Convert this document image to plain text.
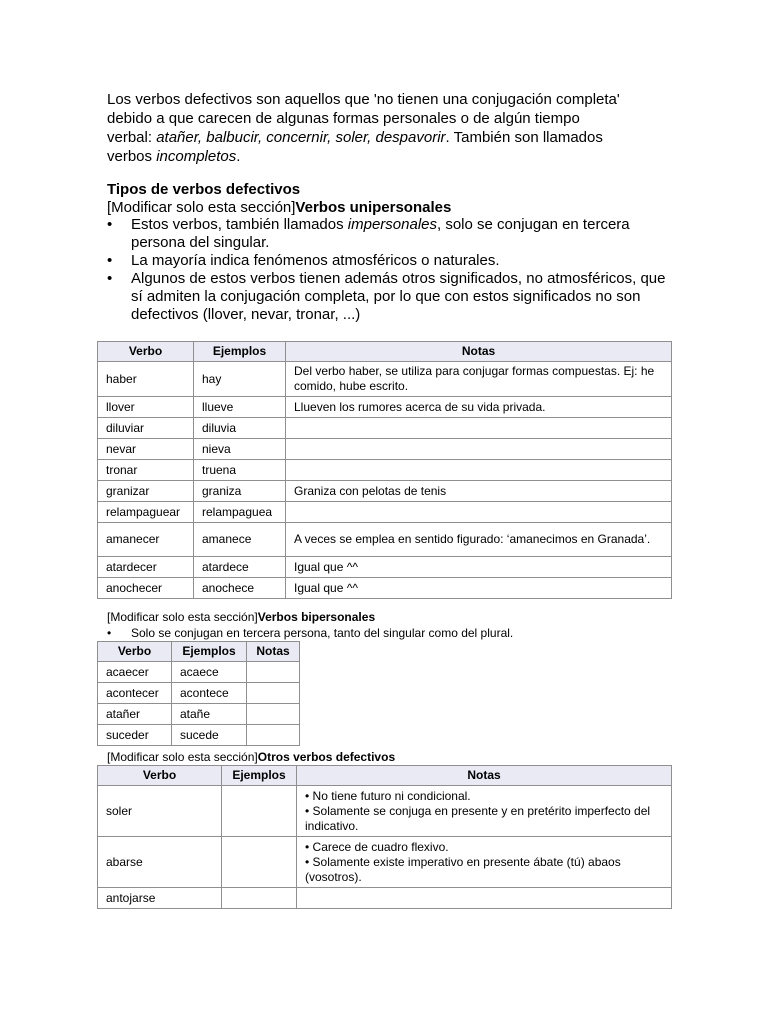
Los verbos defectivos son aquellos que 'no tienen una conjugación completa'

debido a que carecen de algunas formas personales o de algún tiempo

verbal: atañer, balbucir, concernir, soler, despavorir. También son llamados

verbos incompletos.

Tipos de verbos defectivos
[Modificar solo esta sección]Verbos unipersonales
• Estos verbos, también llamados impersonales, solo se conjugan en tercera persona del singular.
• La mayoría indica fenómenos atmosféricos o naturales.
• Algunos de estos verbos tienen además otros significados, no atmosféricos, que sí admiten la conjugación completa, por lo que con estos significados no son defectivos (llover, nevar, tronar, ...)
Verbo	Ejemplos	Notas
haber	hay	Del verbo haber, se utiliza para conjugar formas compuestas. Ej: he comido, hube escrito.
llover	llueve	Llueven los rumores acerca de su vida privada.
diluviar	diluvia	
nevar	nieva	
tronar	truena	
granizar	graniza	Graniza con pelotas de tenis
relampaguear	relampaguea	
amanecer	amanece	A veces se emplea en sentido figurado: ‘amanecimos en Granada’.
atardecer	atardece	Igual que ^^
anochecer	anochece	Igual que ^^
[Modificar solo esta sección]Verbos bipersonales
• Solo se conjugan en tercera persona, tanto del singular como del plural.
Verbo	Ejemplos	Notas
acaecer	acaece	
acontecer	acontece	
atañer	atañe	
suceder	sucede	
[Modificar solo esta sección]Otros verbos defectivos
Verbo	Ejemplos	Notas
soler		• No tiene futuro ni condicional.
• Solamente se conjuga en presente y en pretérito imperfecto del indicativo.

abarse		• Carece de cuadro flexivo.
• Solamente existe imperativo en presente ábate (tú) abaos (vosotros).

antojarse		
